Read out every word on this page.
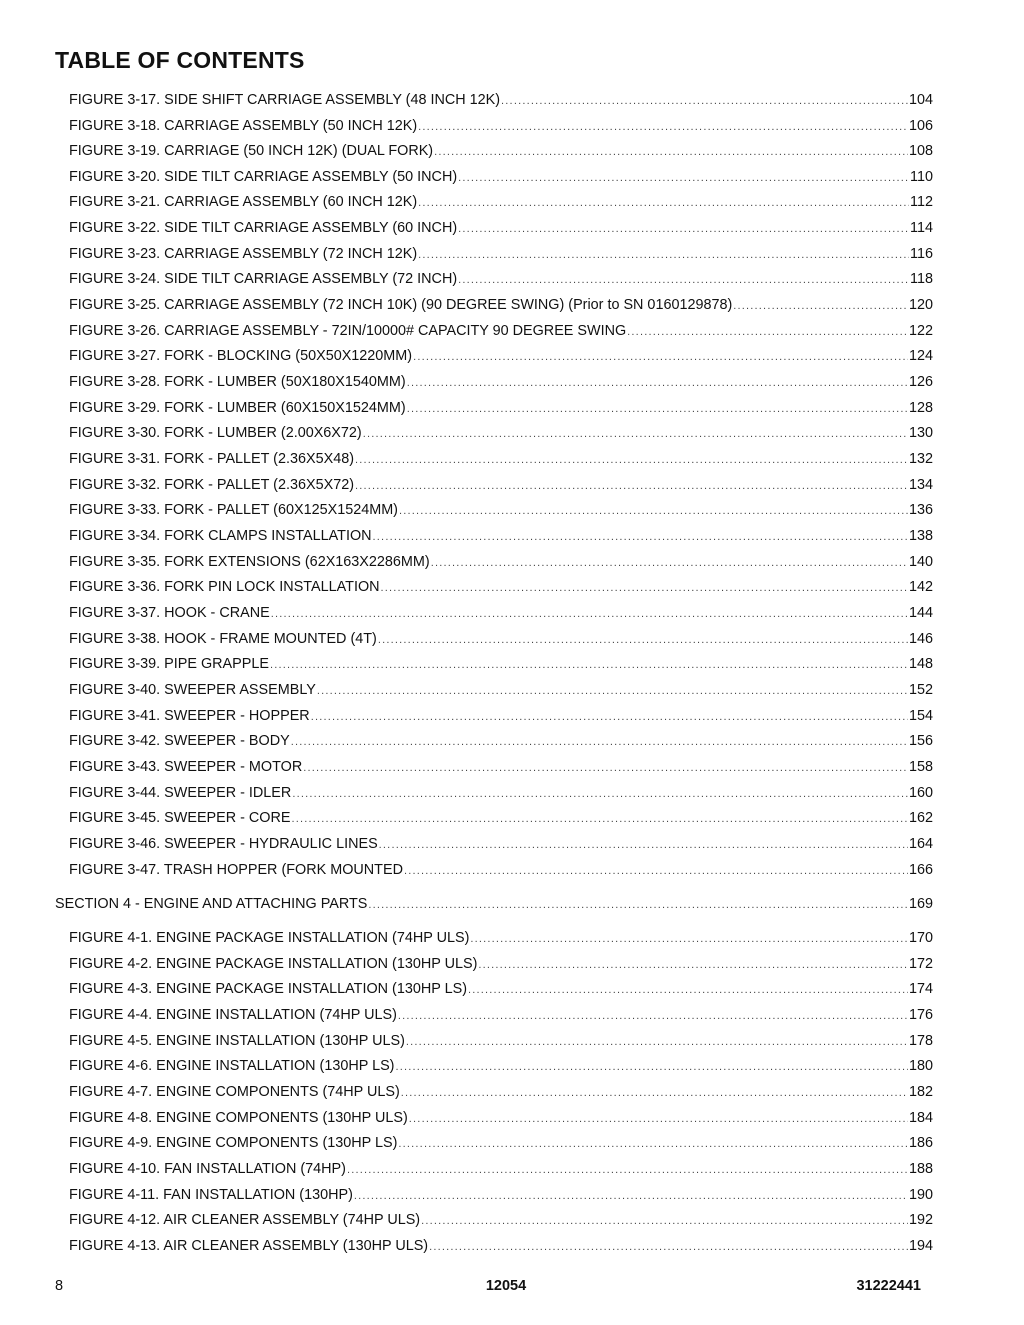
TABLE OF CONTENTS
FIGURE 3-17. SIDE SHIFT CARRIAGE ASSEMBLY (48 INCH 12K) .....	104
FIGURE 3-18. CARRIAGE ASSEMBLY (50 INCH 12K) .....	106
FIGURE 3-19. CARRIAGE (50 INCH 12K) (DUAL FORK) .....	108
FIGURE 3-20. SIDE TILT CARRIAGE ASSEMBLY (50 INCH) .....	110
FIGURE 3-21. CARRIAGE ASSEMBLY (60 INCH 12K) .....	112
FIGURE 3-22. SIDE TILT CARRIAGE ASSEMBLY (60 INCH) .....	114
FIGURE 3-23. CARRIAGE ASSEMBLY (72 INCH 12K) .....	116
FIGURE 3-24. SIDE TILT CARRIAGE ASSEMBLY (72 INCH) .....	118
FIGURE 3-25. CARRIAGE ASSEMBLY (72 INCH 10K) (90 DEGREE SWING) (Prior to SN 0160129878) .....	120
FIGURE 3-26. CARRIAGE ASSEMBLY - 72IN/10000# CAPACITY 90 DEGREE SWING .....	122
FIGURE 3-27. FORK - BLOCKING (50X50X1220MM) .....	124
FIGURE 3-28. FORK - LUMBER (50X180X1540MM) .....	126
FIGURE 3-29. FORK - LUMBER (60X150X1524MM) .....	128
FIGURE 3-30. FORK - LUMBER (2.00X6X72) .....	130
FIGURE 3-31. FORK - PALLET (2.36X5X48) .....	132
FIGURE 3-32. FORK - PALLET (2.36X5X72) .....	134
FIGURE 3-33. FORK - PALLET (60X125X1524MM) .....	136
FIGURE 3-34. FORK CLAMPS INSTALLATION .....	138
FIGURE 3-35. FORK EXTENSIONS (62X163X2286MM) .....	140
FIGURE 3-36. FORK PIN LOCK INSTALLATION .....	142
FIGURE 3-37. HOOK - CRANE .....	144
FIGURE 3-38. HOOK - FRAME MOUNTED (4T) .....	146
FIGURE 3-39. PIPE GRAPPLE .....	148
FIGURE 3-40. SWEEPER ASSEMBLY .....	152
FIGURE 3-41. SWEEPER - HOPPER .....	154
FIGURE 3-42. SWEEPER - BODY .....	156
FIGURE 3-43. SWEEPER - MOTOR .....	158
FIGURE 3-44. SWEEPER - IDLER .....	160
FIGURE 3-45. SWEEPER - CORE .....	162
FIGURE 3-46. SWEEPER - HYDRAULIC LINES .....	164
FIGURE 3-47. TRASH HOPPER (FORK MOUNTED .....	166
SECTION 4 - ENGINE AND ATTACHING PARTS .....	169
FIGURE 4-1. ENGINE PACKAGE INSTALLATION (74HP ULS) .....	170
FIGURE 4-2. ENGINE PACKAGE INSTALLATION (130HP ULS) .....	172
FIGURE 4-3. ENGINE PACKAGE INSTALLATION (130HP LS) .....	174
FIGURE 4-4. ENGINE INSTALLATION (74HP ULS) .....	176
FIGURE 4-5. ENGINE INSTALLATION (130HP ULS) .....	178
FIGURE 4-6. ENGINE INSTALLATION (130HP LS) .....	180
FIGURE 4-7. ENGINE COMPONENTS (74HP ULS) .....	182
FIGURE 4-8. ENGINE COMPONENTS (130HP ULS) .....	184
FIGURE 4-9. ENGINE COMPONENTS (130HP LS) .....	186
FIGURE 4-10. FAN INSTALLATION (74HP) .....	188
FIGURE 4-11. FAN INSTALLATION (130HP) .....	190
FIGURE 4-12. AIR CLEANER ASSEMBLY (74HP ULS) .....	192
FIGURE 4-13. AIR CLEANER ASSEMBLY (130HP ULS) .....	194
8	12054	31222441
